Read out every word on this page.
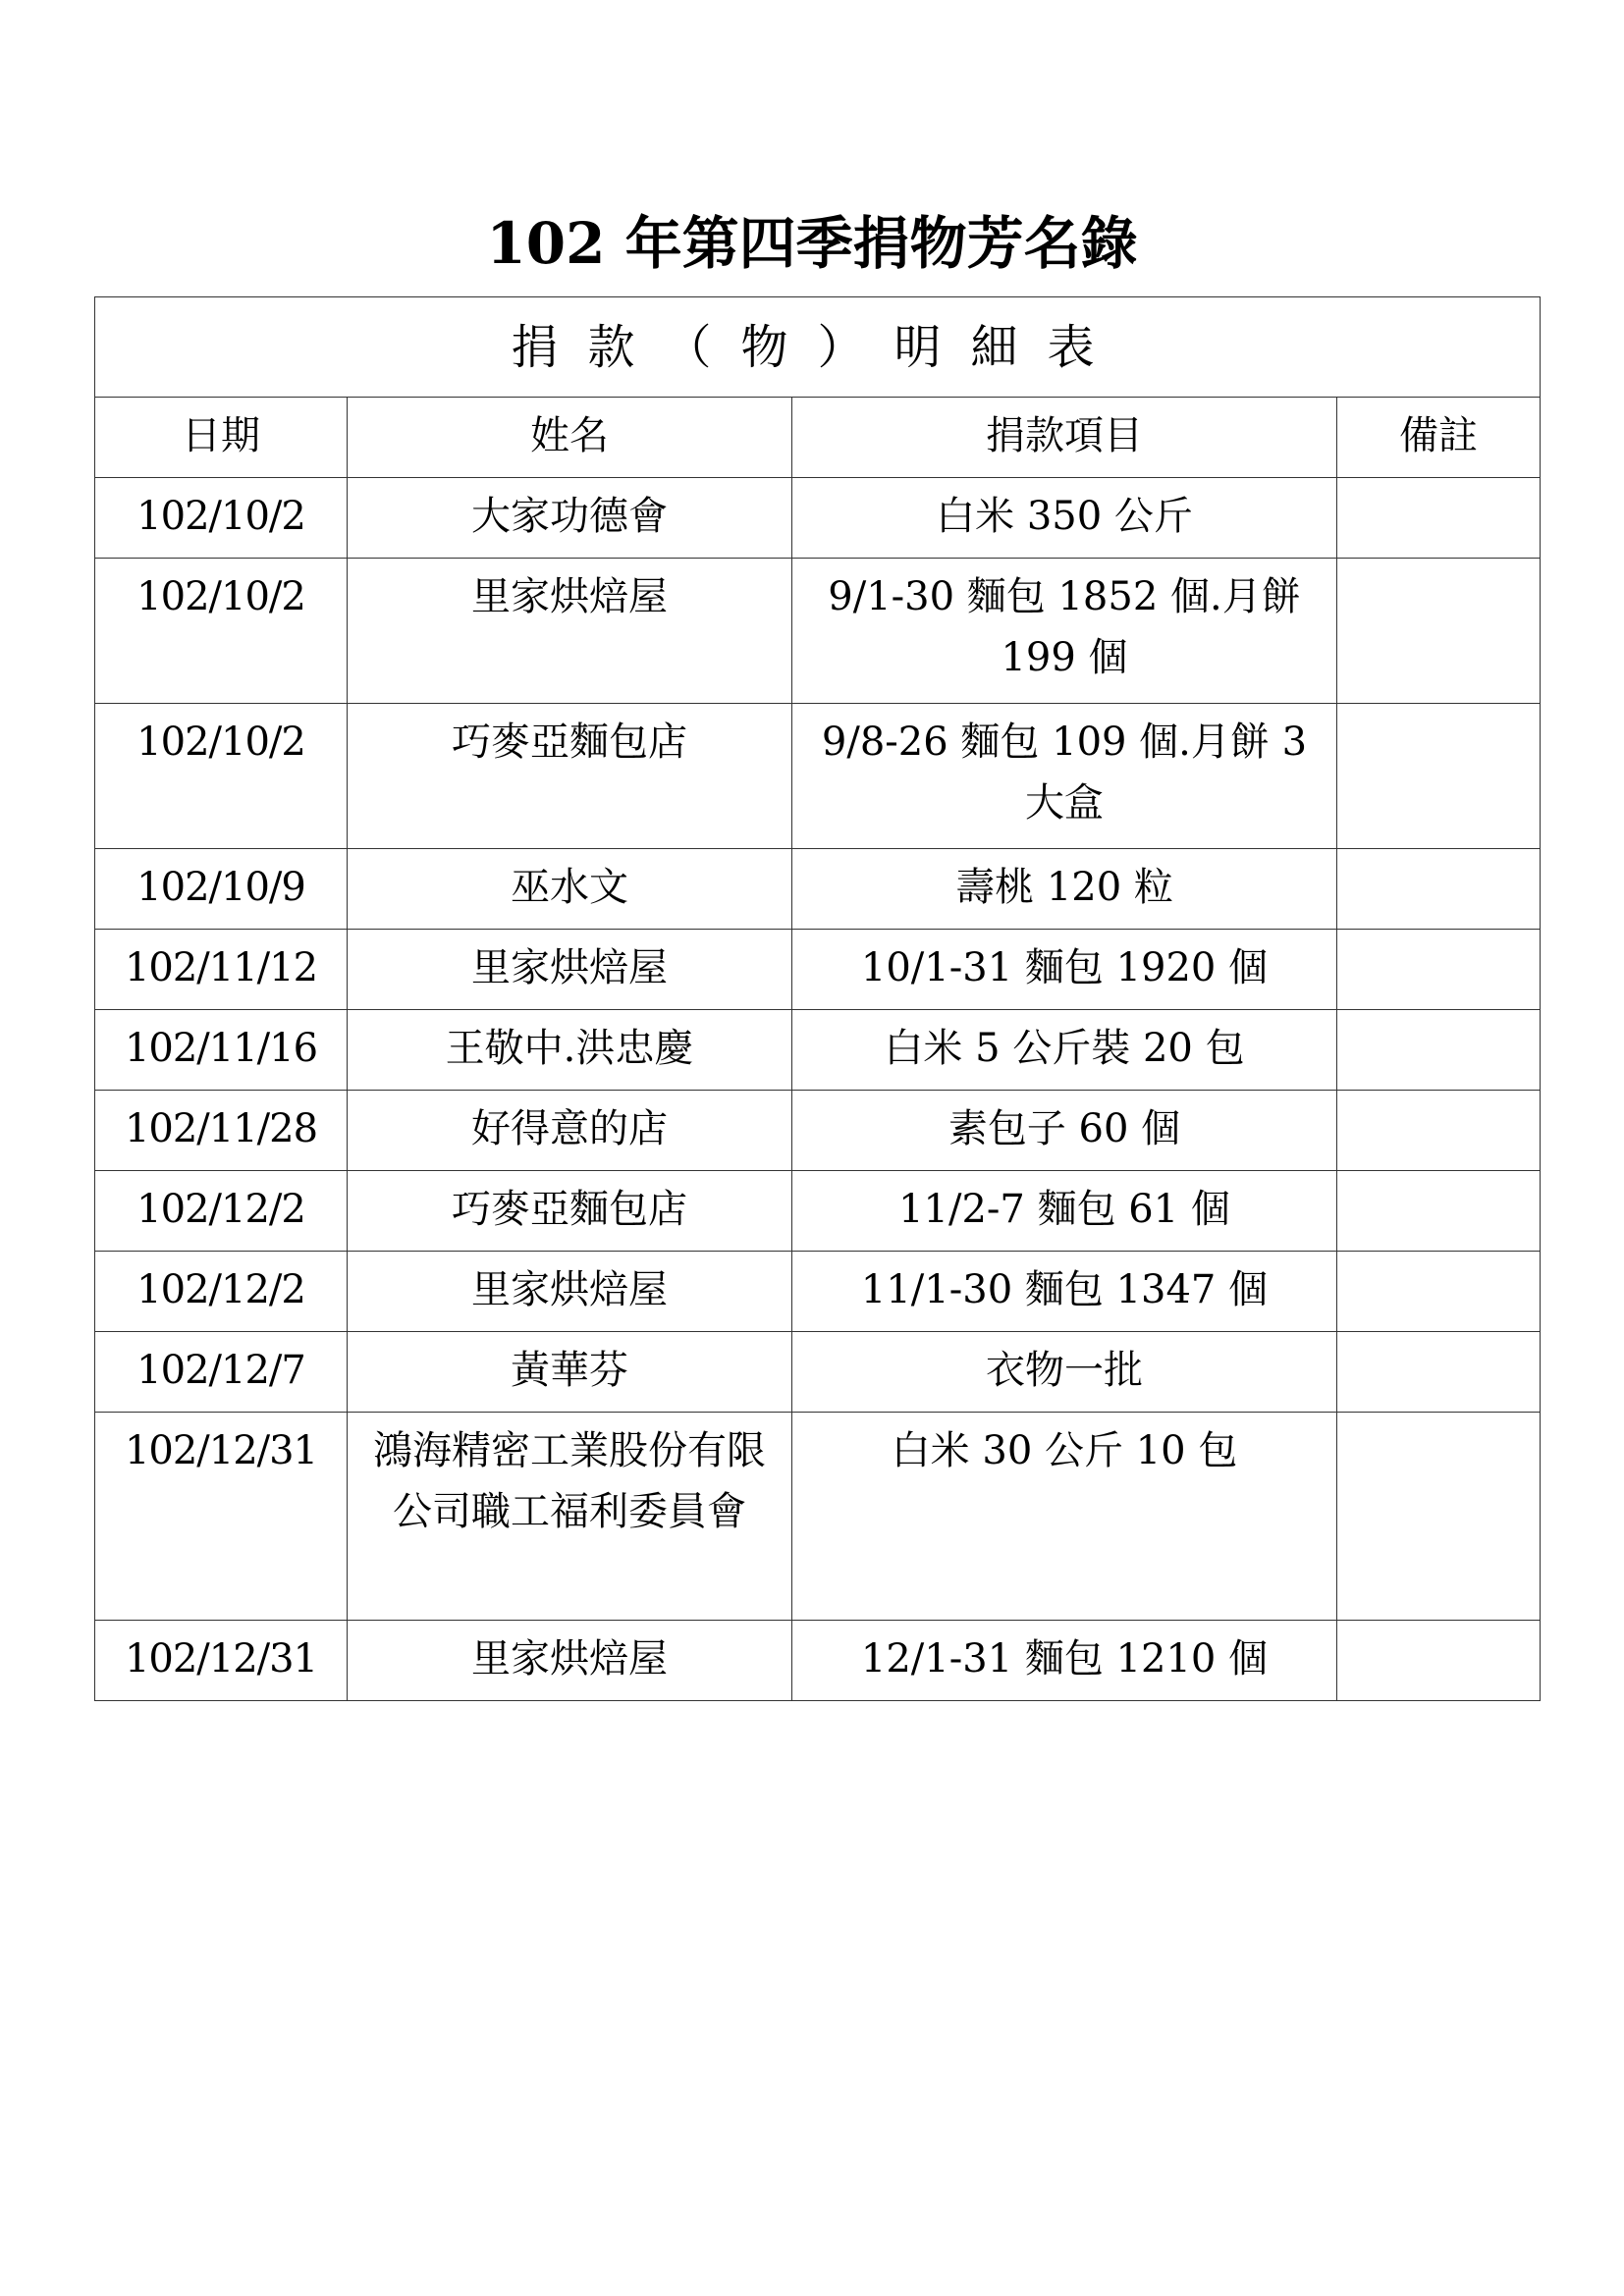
102 年第四季捐物芳名錄
捐款（物）明細表			
日期	姓名	捐款項目	備註
102/10/2	大家功德會	白米 350 公斤	
102/10/2	里家烘焙屋	9/1-30 麵包 1852 個.月餅 199 個	
102/10/2	巧麥亞麵包店	9/8-26 麵包 109 個.月餅 3 大盒	
102/10/9	巫水文	壽桃 120 粒	
102/11/12	里家烘焙屋	10/1-31 麵包 1920 個	
102/11/16	王敬中.洪忠慶	白米 5 公斤裝 20 包	
102/11/28	好得意的店	素包子 60 個	
102/12/2	巧麥亞麵包店	11/2-7 麵包 61 個	
102/12/2	里家烘焙屋	11/1-30 麵包 1347 個	
102/12/7	黃華芬	衣物一批	
102/12/31	鴻海精密工業股份有限公司職工福利委員會	白米 30 公斤 10 包	
102/12/31	里家烘焙屋	12/1-31 麵包 1210 個	
